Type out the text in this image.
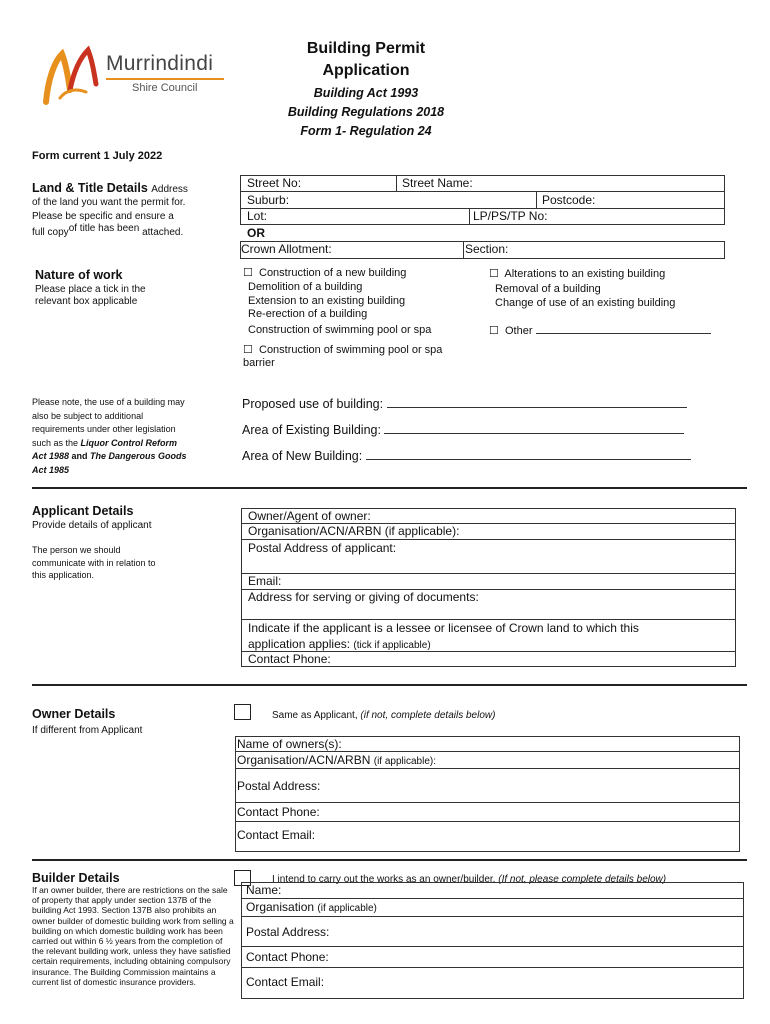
Murrindindi
Shire Council
Building Permit
Application
Building Act 1993
Building Regulations 2018
Form 1- Regulation 24
Form current 1 July 2022
Land & Title Details Address
of the land you want the permit for.
Please be specific and ensure a
full copyof title has been attached.
Street No:	Street Name:
Suburb:	Postcode:
Lot:	LP/PS/TP No:
OR
Crown Allotment:	Section:
Nature of work
Please place a tick in the
relevant box applicable
☐ Construction of a new building
Demolition of a building
Extension to an existing building
Re-erection of a building
Construction of swimming pool or spa
☐ Construction of swimming pool or spa
barrier
☐ Alterations to an existing building
Removal of a building
Change of use of an existing building
☐ Other
Please note, the use of a building may
also be subject to additional
requirements under other legislation
such as the Liquor Control Reform
Act 1988 and The Dangerous Goods
Act 1985
Proposed use of building:
Area of Existing Building:
Area of New Building:
Applicant Details
Provide details of applicant
The person we should
communicate with in relation to
this application.
Owner/Agent of owner:
Organisation/ACN/ARBN (if applicable):
Postal Address of applicant:
Email:
Address for serving or giving of documents:
Indicate if the applicant is a lessee or licensee of Crown land to which this
application applies: (tick if applicable)
Contact Phone:
Owner Details
If different from Applicant
Same as Applicant, (if not, complete details below)
Name of owners(s):
Organisation/ACN/ARBN (if applicable):
Postal Address:
Contact Phone:
Contact Email:
Builder Details
If an owner builder, there are restrictions on the sale of property that apply under section 137B of the building Act 1993. Section 137B also prohibits an owner builder of domestic building work from selling a building on which domestic building work has been carried out within 6 ½ years from the completion of the relevant building work, unless they have satisfied certain requirements, including obtaining compulsory insurance. The Building Commission maintains a current list of domestic insurance providers.
I intend to carry out the works as an owner/builder. (If not, please complete details below)
Name:
Organisation (if applicable)
Postal Address:
Contact Phone:
Contact Email:
